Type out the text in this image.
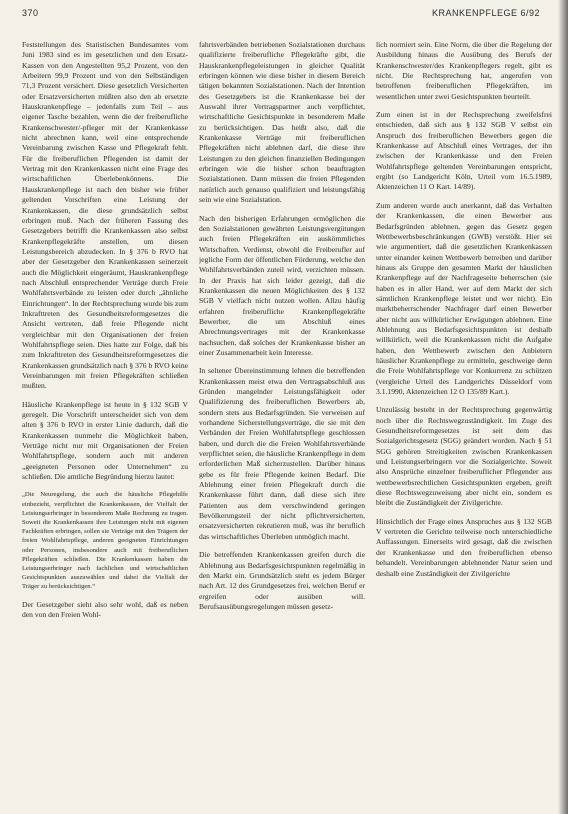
370	KRANKENPFLEGE 6/92

Feststellungen des Statistischen Bundesamtes vom Juni 1983 sind es im gesetzlichen und den Ersatz-Kassen von den Angestellten 95,2 Prozent, von den Arbeitern 99,9 Prozent und von den Selbständigen 71,3 Prozent versichert. Diese gesetzlich Versicherten oder Ersatzversicherten müßten also den ab ersetzte Hauskrankenpflege – jedenfalls zum Teil – aus eigener Tasche bezahlen, wenn die der freiberufliche Krankenschwester/-pfleger mit der Krankenkasse nicht abrechnen kann, weil eine entsprechende Vereinbarung zwischen Kasse und Pflegekraft fehlt. Für die freiberuflichen Pflegenden ist damit der Vertrag mit den Krankenkassen nicht eine Frage des wirtschaftlichen Überlebenkönnens. Die Hauskrankenpflege ist nach den bisher wie früher geltenden Vorschriften eine Leistung der Krankenkassen, die diese grundsätzlich selbst erbringen muß. Nach der früheren Fassung des Gesetzgebers betrifft die Krankenkassen also selbst Krankenpflegekräfte anstellen, um diesen Leistungsbereich abzudecken. In § 376 b RVO hat aber der Gesetzgeber den Krankenkassen seinerzeit auch die Möglichkeit eingeräumt, Hauskrankenpflege nach Abschluß entsprechender Verträge durch Freie Wohlfahrtsverbände zu leisten oder durch „ähnliche Einrichtungen“. In der Rechtsprechung wurde bis zum Inkrafttreten des Gesundheitsreformgesetzes die Ansicht vertreten, daß freie Pflegende nicht vergleichbar mit den Organisationen der freien Wohlfahrtspflege seien. Dies hatte zur Folge, daß bis zum Inkrafttreten des Gesundheitsreformgesetzes die Krankenkassen grundsätzlich nach § 376 b RVO keine Vereinbarungen mit freien Pflegekräften schließen mußten.

Häusliche Krankenpflege ist heute in § 132 SGB V geregelt. Die Vorschrift unterscheidet sich von dem alten § 376 b RVO in erster Linie dadurch, daß die Krankenkassen nunmehr die Möglichkeit haben, Verträge nicht nur mit Organisationen der Freien Wohlfahrtspflege, sondern auch mit anderen „geeigneten Personen oder Unternehmen“ zu schließen. Die amtliche Begründung hierzu lautet:

„Die Neuregelung, die auch die häusliche Pflegehilfe einbezieht, verpflichtet die Krankenkassen, der Vielfalt der Leistungserbringer in besonderem Maße Rechnung zu tragen. Soweit die Krankenkassen ihre Leistungen nicht mit eigenen Fachkräften erbringen, sollen sie Verträge mit den Trägern der freien Wohlfahrtspflege, anderen geeigneten Einrichtungen oder Personen, insbesondere auch mit freiberuflichen Pflegekräften schließen. Die Krankenkassen haben die Leistungserbringer nach fachlichen und wirtschaftlichen Gesichtspunkten auszuwählen und dabei die Vielfalt der Träger zu berücksichtigen.“

Der Gesetzgeber sieht also sehr wohl, daß es neben den von den Freien Wohl-

fahrtsverbänden betriebenen Sozialstationen durchaus qualifizierte freiberufliche Pflegekräfte gibt, die Hauskrankenpflegeleistungen in gleicher Qualität erbringen können wie diese bisher in diesem Bereich tätigen bekannten Sozialstationen. Nach der Intention des Gesetzgebers ist die Krankenkasse bei der Auswahl ihrer Vertragspartner auch verpflichtet, wirtschaftliche Gesichtspunkte in besonderem Maße zu berücksichtigen. Das heißt also, daß die Krankenkasse Verträge mit freiberuflichen Pflegekräften nicht ablehnen darf, die diese ihre Leistungen zu den gleichen finanziellen Bedingungen erbringen wie die bisher schon beauftragten Sozialstationen. Dann müssen die freien Pflegenden natürlich auch genauso qualifiziert und leistungsfähig sein wie eine Sozialstation.

Nach den bisherigen Erfahrungen ermöglichen die den Sozialstationen gewährten Leistungsvergütungen auch freien Pflegekräften ein auskömmliches Wirtschaften. Verdienst, obwohl die Freiberufler auf jegliche Form der öffentlichen Förderung, welche den Wohlfahrtsverbänden zuteil wird, verzichten müssen. In der Praxis hat sich leider gezeigt, daß die Krankenkassen die neuen Möglichkeiten des § 132 SGB V vielfach nicht nutzen wollen. Allzu häufig erfahren freiberufliche Krankenpflegekräfte Bewerber, die um Abschluß eines Abrechnungsvertrages mit der Krankenkasse nachsuchen, daß solches der Krankenkasse bisher an einer Zusammenarbeit kein Interesse.

In seltener Übereinstimmung lehnen die betreffenden Krankenkassen meist etwa den Vertragsabschluß aus Gründen mangelnder Leistungsfähigkeit oder Qualifizierung des freiberuflichen Bewerbers ab, sondern stets aus Bedarfsgründen. Sie verweisen auf vorhandene Sicherstellungsverträge, die sie mit den Verbänden der Freien Wohlfahrtspflege geschlossen haben, und durch die die Freien Wohlfahrtsverbände verpflichtet seien, die häusliche Krankenpflege in dem erforderlichen Maß sicherzustellen. Darüber hinaus gebe es für freie Pflegende keinen Bedarf. Die Ablehnung einer freien Pflegekraft durch die Krankenkasse führt dann, daß diese sich ihre Patienten aus dem verschwindend geringen Bevölkerungsteil der nicht pflichtversicherten, ersatzversicherten rekrutieren muß, was ihr beruflich das wirtschaftliches Überleben unmöglich macht.

Die betreffenden Krankenkassen greifen durch die Ablehnung aus Bedarfsgesichtspunkten regelmäßig in den Markt ein. Grundsätzlich steht es jedem Bürger nach Art. 12 des Grundgesetzes frei, welchen Beruf er ergreifen oder ausüben will. Berufsausübungsregelungen müssen gesetz-

lich normiert sein. Eine Norm, die über die Regelung der Ausbildung hinaus die Ausübung des Berufs der Krankenschwester/des Krankenpflegers regelt, gibt es nicht. Die Rechtsprechung hat, angerufen von betroffenen freiberuflichen Pflegekräften, im wesentlichen unter zwei Gesichtspunkten beurteilt.

Zum einen ist in der Rechsprechung zweifelsfrei entschieden, daß sich aus § 132 SGB V selbst ein Anspruch des freiberuflichen Bewerbers gegen die Krankenkasse auf Abschluß eines Vertrages, der ihn zwischen der Krankenkasse und den Freien Wohlfahrtspflege geltenden Vereinbarungen entspricht, ergibt (so Landgericht Köln, Urteil vom 16.5.1989, Aktenzeichen 11 O Kart. 14/89).

Zum anderen wurde auch anerkannt, daß das Verhalten der Krankenkassen, die einen Bewerber aus Bedarfsgründen ablehnen, gegen das Gesetz gegen Wettbewerbsbeschränkungen (GWB) verstößt. Hier sei wie argumentiert, daß die gesetzlichen Krankenkassen unter einander keinen Wettbewerb betreiben und darüber hinaus als Gruppe den gesamten Markt der häuslichen Krankenpflege auf der Nachfrageseite beherrschen (sie haben es in aller Hand, wer auf dem Markt der sich sämtlichen Krankenpflege leistet und wer nicht). Ein marktbeherrschender Nachfrager darf einen Bewerber aber nicht aus willkürlicher Erwägungen ablehnen. Eine Ablehnung aus Bedarfsgesichtspunkten ist deshalb willkürlich, weil die Krankenkassen nicht die Aufgabe haben, den Wettbewerb zwischen den Anbietern häuslicher Krankenpflege zu ermitteln, geschweige denn die Freie Wohlfahrtspflege vor Konkurrenz zu schützen (vergleiche Urteil des Landgerichts Düsseldorf vom 3.1.1990, Aktenzeichen 12 O 135/89 Kart.).

Unzulässig besteht in der Rechtsprechung gegenwärtig noch über die Rechtswegzuständigkeit. Im Zuge des Gesundheitsreformgesetzes ist seit dem das Sozialgerichtsgesetz (SGG) geändert worden. Nach § 51 SGG gehören Streitigkeiten zwischen Krankenkassen und Leistungserbringern vor die Sozialgerichte. Soweit also Ansprüche einzelner freiberuflicher Pflegender aus wettbewerbsrechtlichen Gesichtspunkten ergeben, greift diese Rechtswegzuweisung aber nicht ein, sondern es bleibt die Zuständigkeit der Zivilgerichte.

Hinsichtlich der Frage eines Anspruches aus § 132 SGB V vertreten die Gerichte teilweise noch unterschiedliche Auffassungen. Einerseits wird gesagt, daß die zwischen der Krankenkasse und den freiberuflichen ebenso behandelt. Vereinbarungen ablehnender Natur seien und deshalb eine Zuständigkeit der Zivilgerichte
